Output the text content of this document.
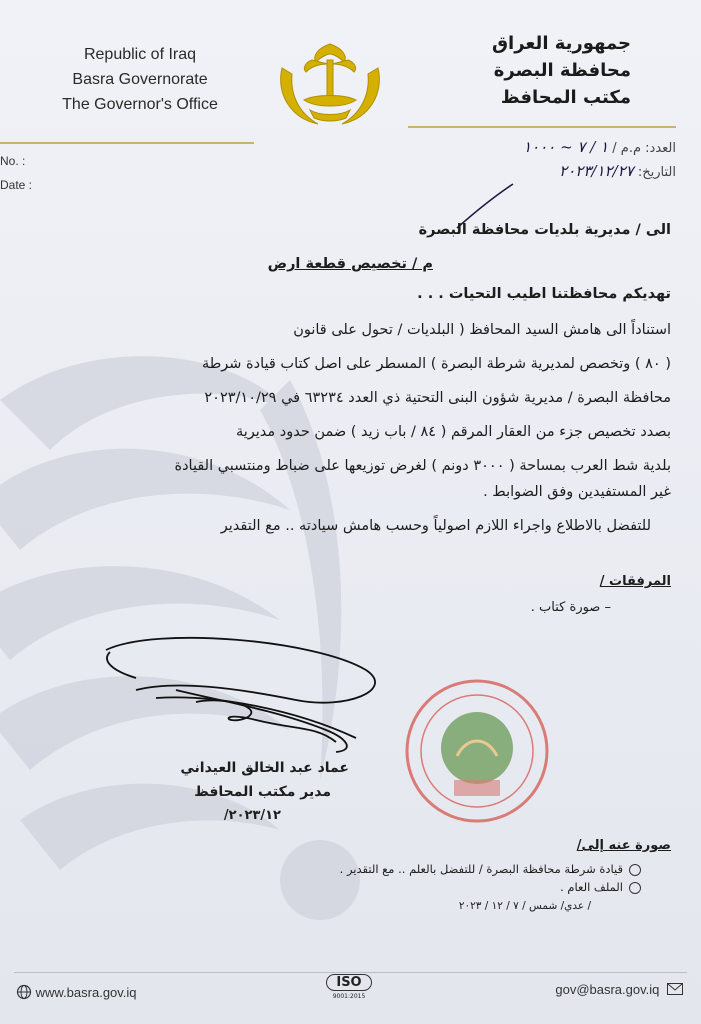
Republic of Iraq
Basra Governorate
The Governor's Office
جمهورية العراق
محافظة البصرة
مكتب المحافظ
No. :
Date :
العدد: م.م / ١ / ٧ ~ ١٠٠٠
التاريخ: ٢٠٢٣/١٢/٢٧
الى / مديرية بلديات محافظة البصرة
م / تخصيص قطعة ارض
تهديكم محافظتنا اطيب التحيات . . .
استناداً الى هامش السيد المحافظ ( البلديات / تحول على قانون
( ٨٠ ) وتخصص لمديرية شرطة البصرة ) المسطر على اصل كتاب قيادة شرطة
محافظة البصرة / مديرية شؤون البنى التحتية ذي العدد ٦٣٢٣٤ في ٢٠٢٣/١٠/٢٩
بصدد تخصيص جزء من العقار المرقم ( ٨٤ / باب زيد ) ضمن حدود مديرية
بلدية شط العرب بمساحة ( ٣٠٠٠ دونم ) لغرض توزيعها على ضباط ومنتسبي القيادة
غير المستفيدين وفق الضوابط .
للتفضل بالاطلاع واجراء اللازم اصولياً وحسب هامش سيادته .. مع التقدير
المرفقات /
– صورة كتاب .
عماد عبد الخالق العيداني
مدير مكتب المحافظ
٢٠٢٣/١٢/
صورة عنه إلى/
قيادة شرطة محافظة البصرة / للتفضل بالعلم .. مع التقدير .
الملف العام .
/ عدي/ شمس / ٧ / ١٢ / ٢٠٢٣
www.basra.gov.iq
ISO
9001:2015	gov@basra.gov.iq
